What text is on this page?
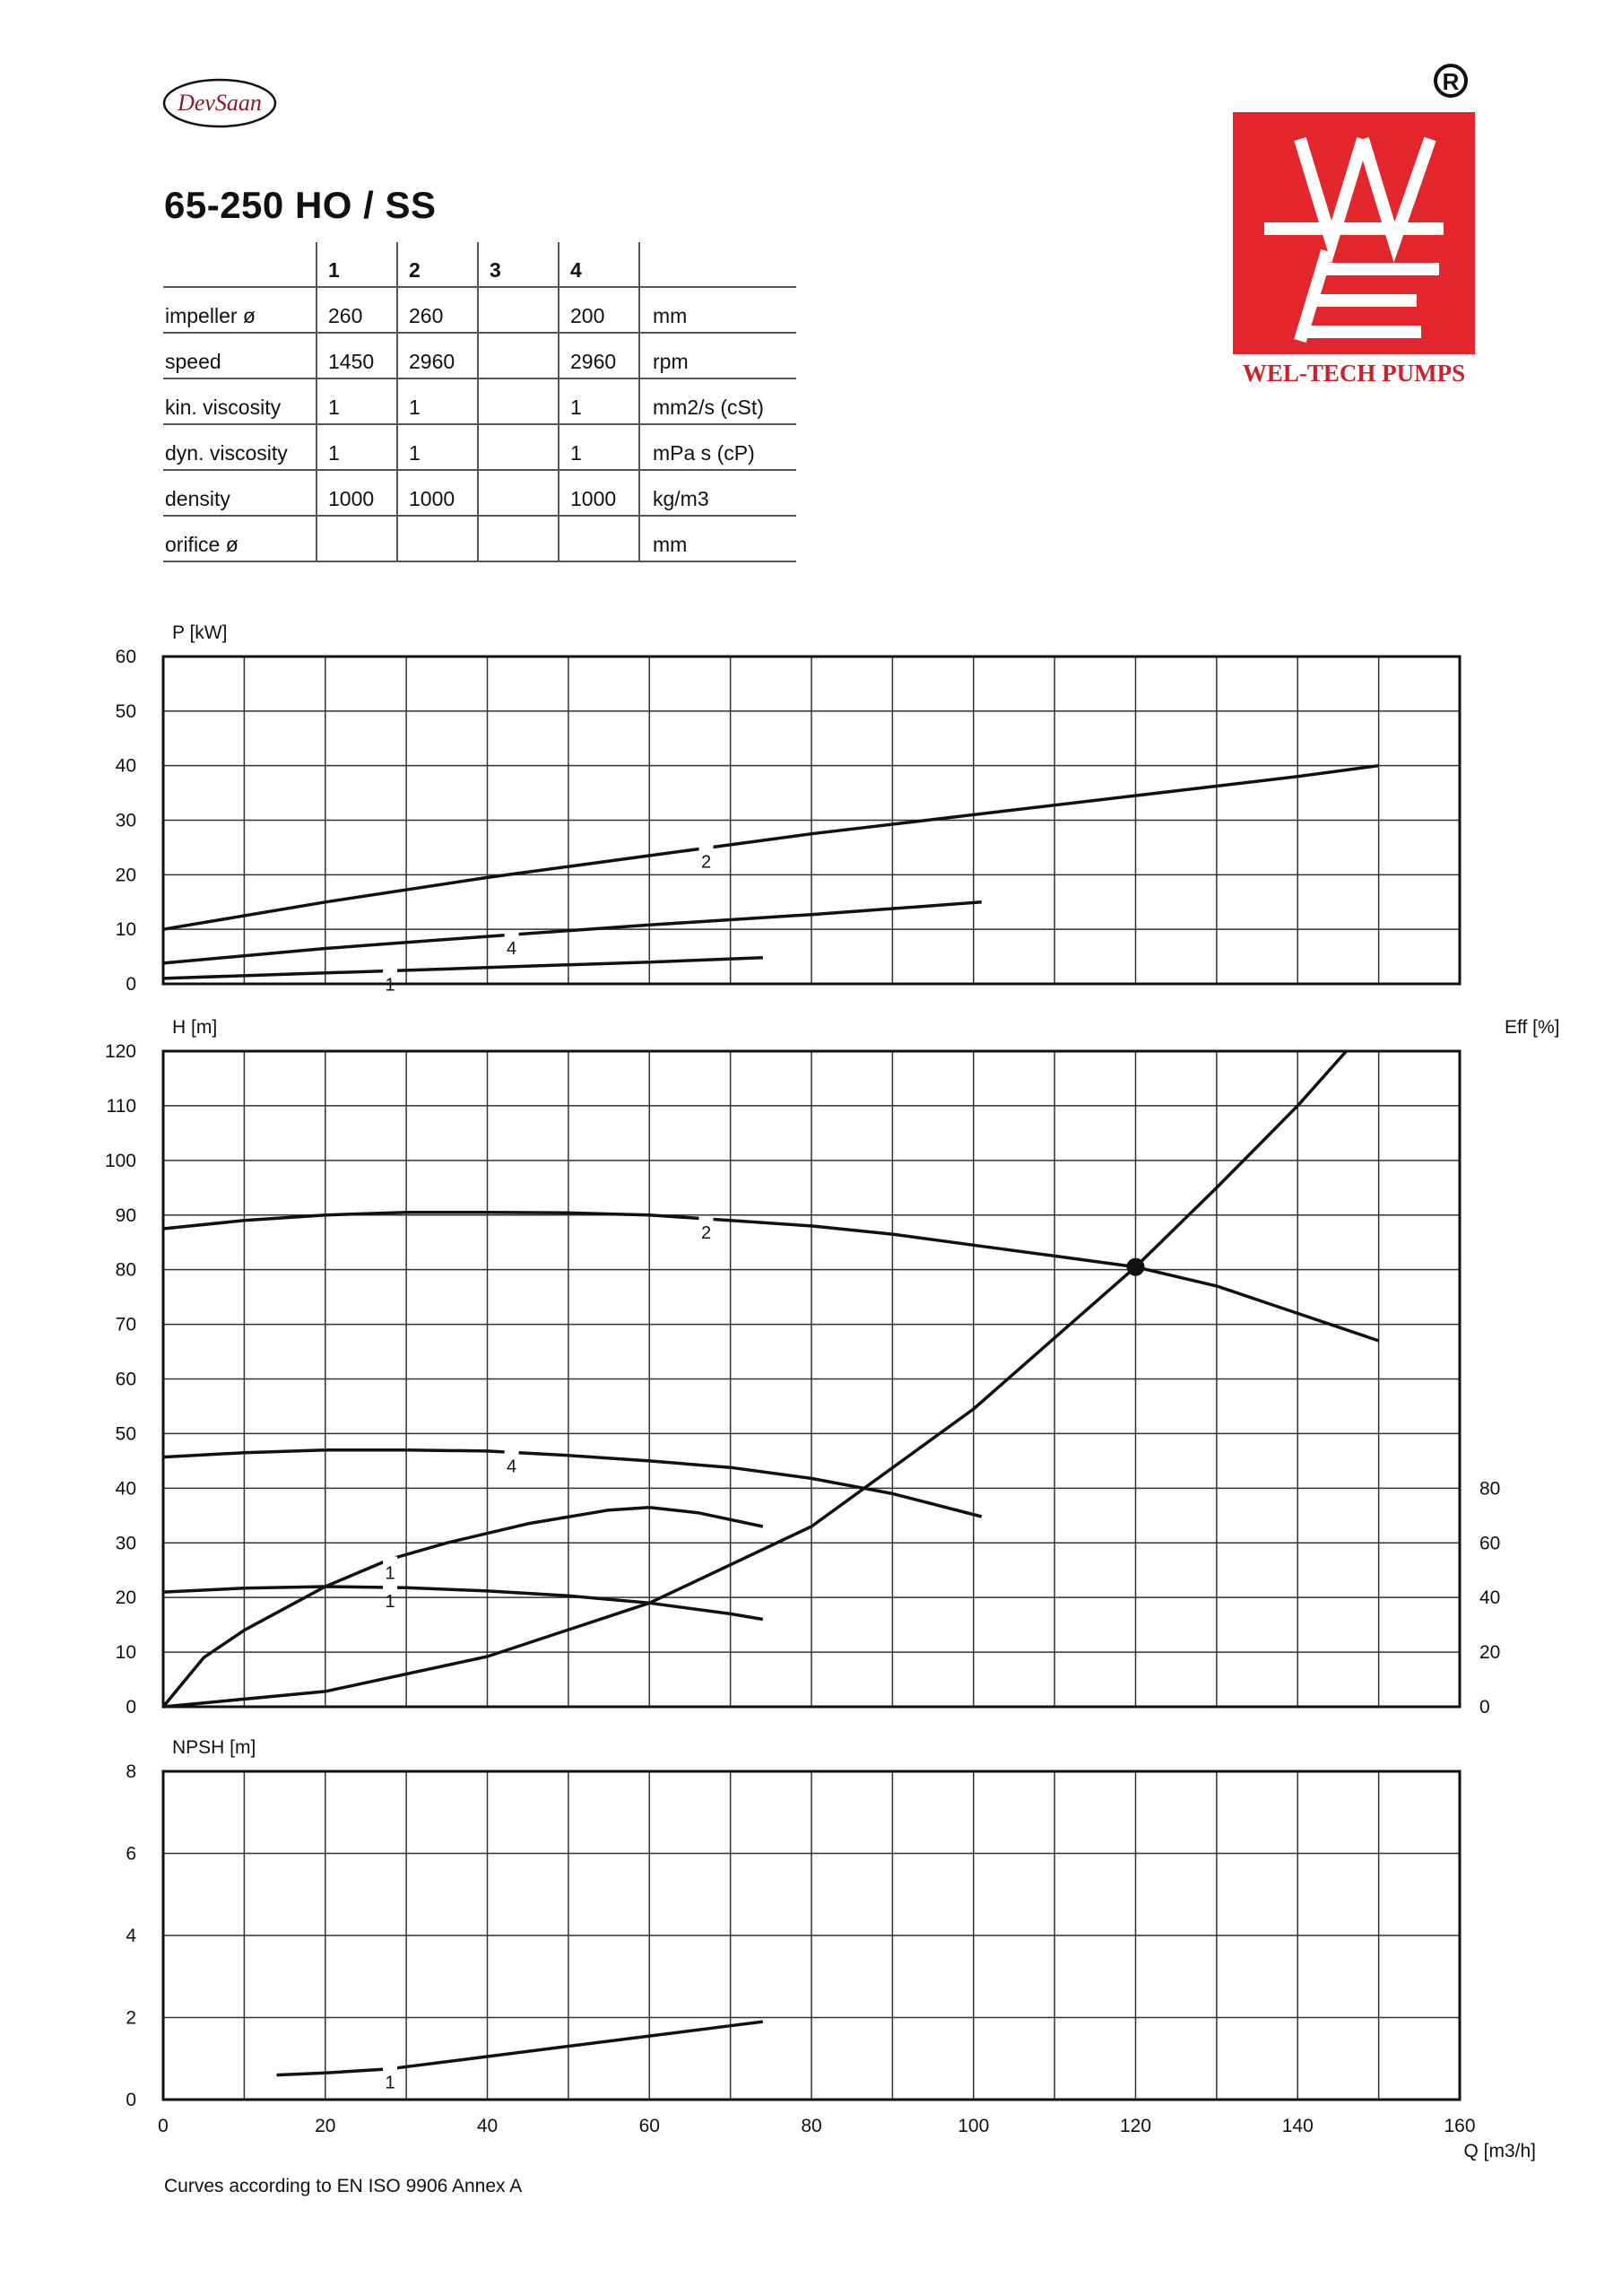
DevSaan
R
WEL-TECH PUMPS
65-250 HO / SS
	1	2	3	4	
impeller ø	260	260		200	mm
speed	1450	2960		2960	rpm
kin. viscosity	1	1		1	mm2/s (cSt)
dyn. viscosity	1	1		1	mPa s (cP)
density	1000	1000		1000	kg/m3
orifice ø					mm
0
10
20
30
40
50
60
P [kW]
2
4
1
0
10
20
30
40
50
60
70
80
90
100
110
120
0
20
40
60
80
Eff [%]
H [m]
2
4
1
1
0
2
4
6
8
0	20	40	60	80	100	120	140	160
Q [m3/h]
NPSH [m]
1
Curves according to EN ISO 9906 Annex A
